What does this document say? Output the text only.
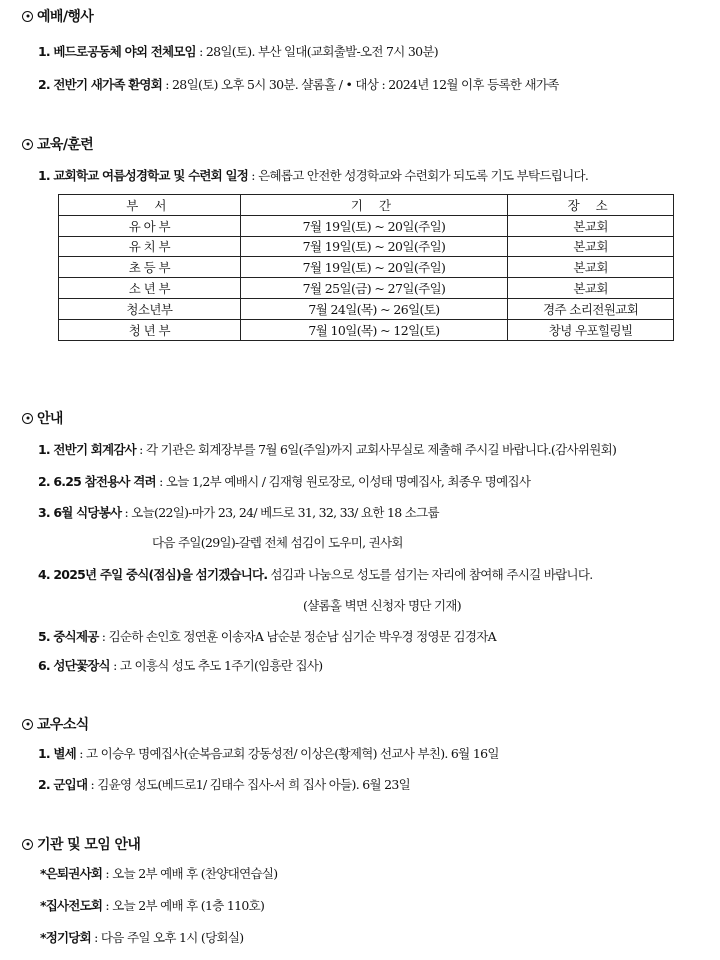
예배/행사
1. 베드로공동체 야외 전체모임 : 28일(토). 부산 일대(교회출발-오전 7시 30분)
2. 전반기 새가족 환영회 : 28일(토) 오후 5시 30분. 샬롬홀 / • 대상 : 2024년 12월 이후 등록한 새가족
교육/훈련
1. 교회학교 여름성경학교 및 수련회 일정 : 은혜롭고 안전한 성경학교와 수련회가 되도록 기도 부탁드립니다.
부 서	기 간	장 소
유 아 부	7월 19일(토) ~ 20일(주일)	본교회
유 치 부	7월 19일(토) ~ 20일(주일)	본교회
초 등 부	7월 19일(토) ~ 20일(주일)	본교회
소 년 부	7월 25일(금) ~ 27일(주일)	본교회
청소년부	7월 24일(목) ~ 26일(토)	경주 소리전원교회
청 년 부	7월 10일(목) ~ 12일(토)	창녕 우포힐링빌
안내
1. 전반기 회계감사 : 각 기관은 회계장부를 7월 6일(주일)까지 교회사무실로 제출해 주시길 바랍니다.(감사위원회)
2. 6.25 참전용사 격려 : 오늘 1,2부 예배시 / 김재형 원로장로, 이성태 명예집사, 최종우 명예집사
3. 6월 식당봉사 : 오늘(22일)-마가 23, 24/ 베드로 31, 32, 33/ 요한 18 소그룹
다음 주일(29일)-갈렙 전체 섬김이 도우미, 권사회
4. 2025년 주일 중식(점심)을 섬기겠습니다. 섬김과 나눔으로 성도를 섬기는 자리에 참여해 주시길 바랍니다.
(샬롬홀 벽면 신청자 명단 기재)
5. 중식제공 : 김순하 손인호 정연훈 이송자A 남순분 정순남 심기순 박우경 정영문 김경자A
6. 성단꽃장식 : 고 이흥식 성도 추도 1주기(임흥란 집사)
교우소식
1. 별세 : 고 이승우 명예집사(순복음교회 강동성전/ 이상은(황제혁) 선교사 부친). 6월 16일
2. 군입대 : 김윤영 성도(베드로1/ 김태수 집사-서 희 집사 아들). 6월 23일
기관 및 모임 안내
*은퇴권사회 : 오늘 2부 예배 후 (찬양대연습실)
*집사전도회 : 오늘 2부 예배 후 (1층 110호)
*정기당회 : 다음 주일 오후 1시 (당회실)
